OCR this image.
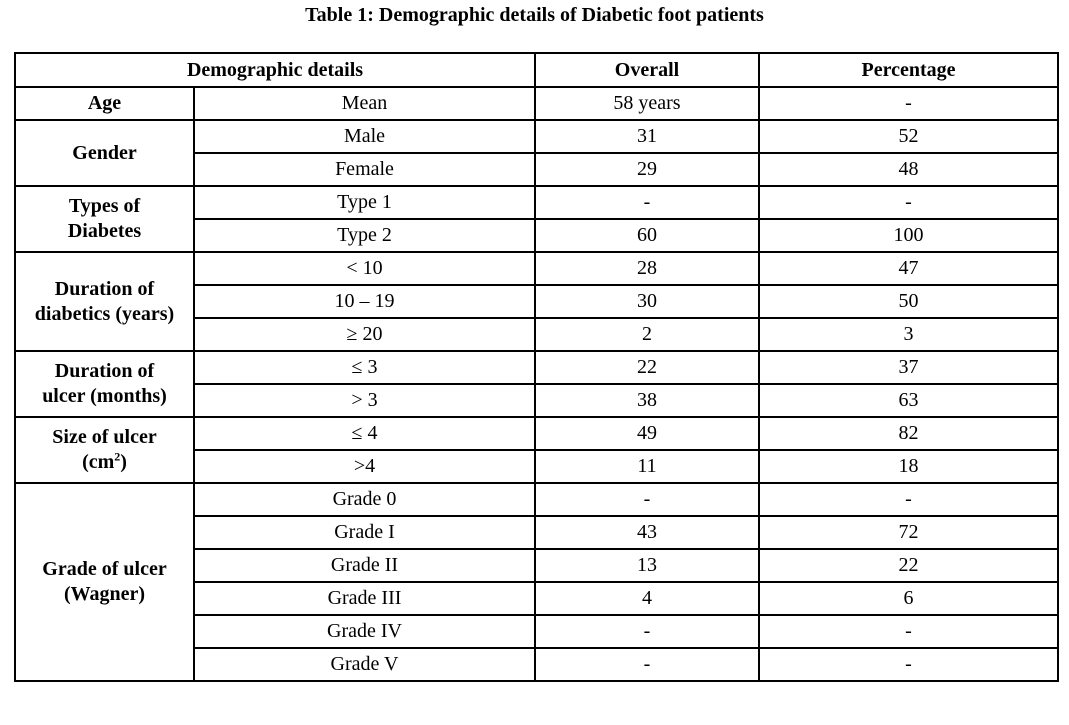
Table 1: Demographic details of Diabetic foot patients
Demographic details		Overall	Percentage
Age	Mean	58 years	-
Gender	Male	31	52
	Female	29	48
Types of
Diabetes	Type 1	-	-
	Type 2	60	100
Duration of
diabetics (years)	< 10	28	47
	10 – 19	30	50
	≥ 20	2	3
Duration of
ulcer (months)	≤ 3	22	37
	> 3	38	63
Size of ulcer
$(cm^2)$	≤ 4	49	82
	>4	11	18
Grade of ulcer
(Wagner)	Grade 0	-	-
	Grade I	43	72
	Grade II	13	22
	Grade III	4	6
	Grade IV	-	-
	Grade V	-	-
